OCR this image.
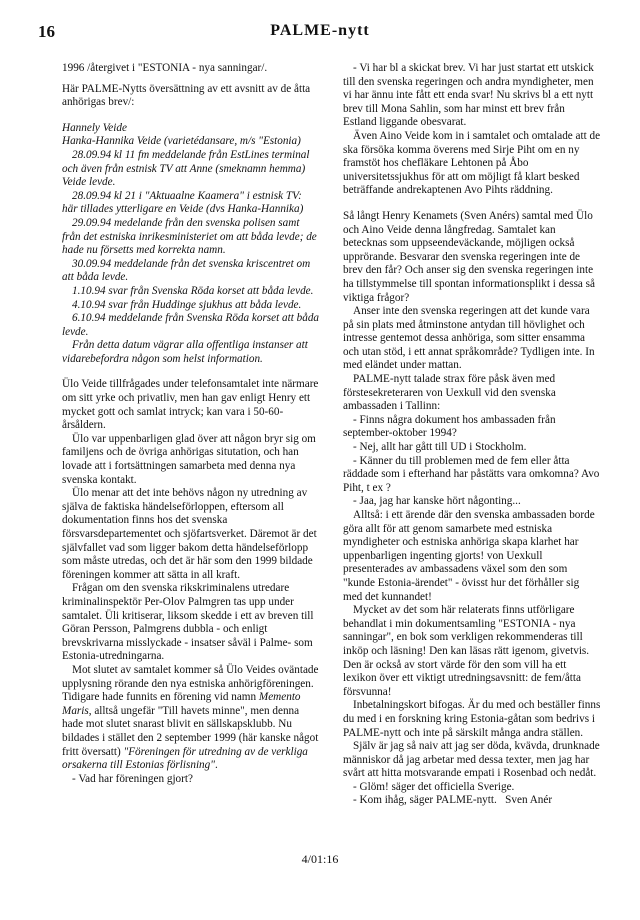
16	PALME-nytt

1996 /återgivet i "ESTONIA - nya sanningar/.

Här PALME-Nytts översättning av ett avsnitt av de åtta anhörigas brev/:

Hannely Veide

Hanka-Hannika Veide (varietédansare, m/s "Estonia)

28.09.94 kl 11 fm meddelande från EstLines terminal och även från estnisk TV att Anne (smeknamn hemma) Veide levde.

28.09.94 kl 21 i "Aktuaalne Kaamera" i estnisk TV: här tillades ytterligare en Veide (dvs Hanka-Hannika)

29.09.94 medelande från den svenska polisen samt från det estniska inrikesministeriet om att båda levde; de hade nu försetts med korrekta namn.

30.09.94 meddelande från det svenska kriscentret om att båda levde.

1.10.94 svar från Svenska Röda korset att båda levde.

4.10.94 svar från Huddinge sjukhus att båda levde.

6.10.94 meddelande från Svenska Röda korset att båda levde.

Från detta datum vägrar alla offentliga instanser att vidarebefordra någon som helst information.

Ülo Veide tillfrågades under telefonsamtalet inte närmare om sitt yrke och privatliv, men han gav enligt Henry ett mycket gott och samlat intryck; kan vara i 50-60-årsåldern.

Ülo var uppenbarligen glad över att någon bryr sig om familjens och de övriga anhörigas situtation, och han lovade att i fortsättningen samarbeta med denna nya svenska kontakt.

Ülo menar att det inte behövs någon ny utredning av själva de faktiska händelseförloppen, eftersom all dokumentation finns hos det svenska försvarsdepartementet och sjöfartsverket. Däremot är det självfallet vad som ligger bakom detta händelseförlopp som måste utredas, och det är här som den 1999 bildade föreningen kommer att sätta in all kraft.

Frågan om den svenska rikskriminalens utredare kriminalinspektör Per-Olov Palmgren tas upp under samtalet. Üli kritiserar, liksom skedde i ett av breven till Göran Persson, Palmgrens dubbla - och enligt brevskrivarna misslyckade - insatser såväl i Palme- som Estonia-utredningarna.

Mot slutet av samtalet kommer så Ülo Veides oväntade upplysning rörande den nya estniska anhörigföreningen. Tidigare hade funnits en förening vid namn Memento Maris, alltså ungefär "Till havets minne", men denna hade mot slutet snarast blivit en sällskapsklubb. Nu bildades i stället den 2 september 1999 (här kanske något fritt översatt) "Föreningen för utredning av de verkliga orsakerna till Estonias förlisning".

- Vad har föreningen gjort?

- Vi har bl a skickat brev. Vi har just startat ett utskick till den svenska regeringen och andra myndigheter, men vi har ännu inte fått ett enda svar! Nu skrivs bl a ett nytt brev till Mona Sahlin, som har minst ett brev från Estland liggande obesvarat.

Även Aino Veide kom in i samtalet och omtalade att de ska försöka komma överens med Sirje Piht om en ny framstöt hos chefläkare Lehtonen på Åbo universitetssjukhus för att om möjligt få klart besked beträffande andrekaptenen Avo Pihts räddning.

Så långt Henry Kenamets (Sven Anérs) samtal med Ülo och Aino Veide denna långfredag. Samtalet kan betecknas som uppseendeväckande, möjligen också upprörande. Besvarar den svenska regeringen inte de brev den får? Och anser sig den svenska regeringen inte ha tillstymmelse till spontan informationsplikt i dessa så viktiga frågor?

Anser inte den svenska regeringen att det kunde vara på sin plats med åtminstone antydan till hövlighet och intresse gentemot dessa anhöriga, som sitter ensamma och utan stöd, i ett annat språkområde? Tydligen inte. In med eländet under mattan.

PALME-nytt talade strax före påsk även med förstesekreteraren von Uexkull vid den svenska ambassaden i Tallinn:

- Finns några dokument hos ambassaden från september-oktober 1994?

- Nej, allt har gått till UD i Stockholm.

- Känner du till problemen med de fem eller åtta räddade som i efterhand har påstätts vara omkomna? Avo Piht, t ex ?

- Jaa, jag har kanske hört någonting...

Alltså: i ett ärende där den svenska ambassaden borde göra allt för att genom samarbete med estniska myndigheter och estniska anhöriga skapa klarhet har uppenbarligen ingenting gjorts! von Uexkull presenterades av ambassadens växel som den som "kunde Estonia-ärendet" - övisst hur det förhåller sig med det kunnandet!

Mycket av det som här relaterats finns utförligare behandlat i min dokumentsamling "ESTONIA - nya sanningar", en bok som verkligen rekommenderas till inköp och läsning! Den kan läsas rätt igenom, givetvis. Den är också av stort värde för den som vill ha ett lexikon över ett viktigt utredningsavsnitt: de fem/åtta försvunna!

Inbetalningskort bifogas. Är du med och beställer finns du med i en forskning kring Estonia-gåtan som bedrivs i PALME-nytt och inte på särskilt många andra ställen.

Själv är jag så naiv att jag ser döda, kvävda, drunknade människor då jag arbetar med dessa texter, men jag har svårt att hitta motsvarande empati i Rosenbad och nedåt.

- Glöm! säger det officiella Sverige.

- Kom ihåg, säger PALME-nytt. Sven Anér

4/01:16
